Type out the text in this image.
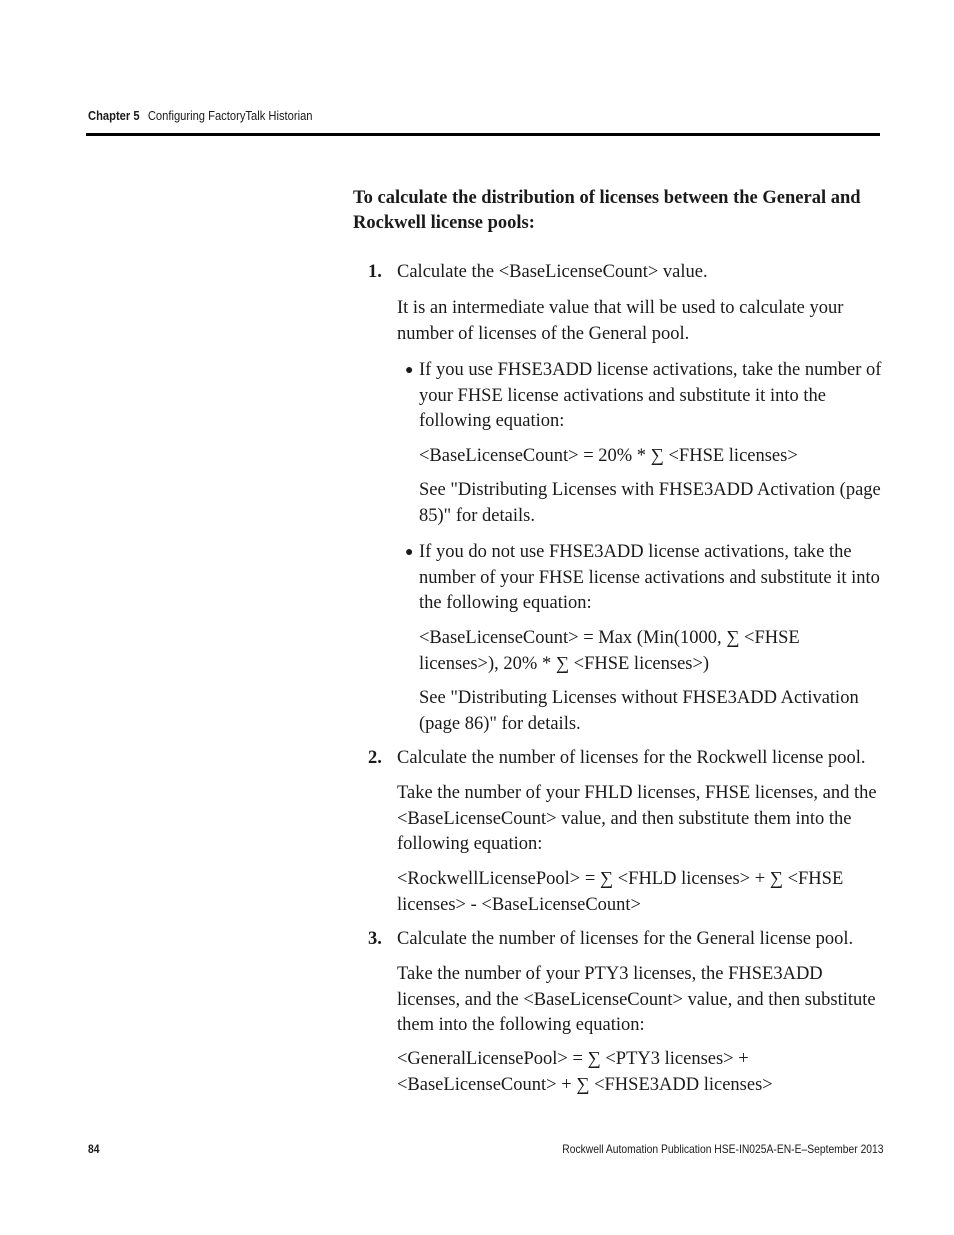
Chapter 5 Configuring FactoryTalk Historian
To calculate the distribution of licenses between the General and Rockwell license pools:
1. Calculate the <BaseLicenseCount> value.

It is an intermediate value that will be used to calculate your number of licenses of the General pool.

● If you use FHSE3ADD license activations, take the number of your FHSE license activations and substitute it into the following equation:

<BaseLicenseCount> = 20% * ∑ <FHSE licenses>

See "Distributing Licenses with FHSE3ADD Activation (page 85)" for details.

● If you do not use FHSE3ADD license activations, take the number of your FHSE license activations and substitute it into the following equation:

<BaseLicenseCount> = Max (Min(1000, ∑ <FHSE licenses>), 20% * ∑ <FHSE licenses>)

See "Distributing Licenses without FHSE3ADD Activation (page 86)" for details.

2. Calculate the number of licenses for the Rockwell license pool.

Take the number of your FHLD licenses, FHSE licenses, and the <BaseLicenseCount> value, and then substitute them into the following equation:

<RockwellLicensePool> = ∑ <FHLD licenses> + ∑ <FHSE licenses> - <BaseLicenseCount>

3. Calculate the number of licenses for the General license pool.

Take the number of your PTY3 licenses, the FHSE3ADD licenses, and the <BaseLicenseCount> value, and then substitute them into the following equation:

<GeneralLicensePool> = ∑ <PTY3 licenses> + <BaseLicenseCount> + ∑ <FHSE3ADD licenses>

84	Rockwell Automation Publication HSE-IN025A-EN-E–September 2013
